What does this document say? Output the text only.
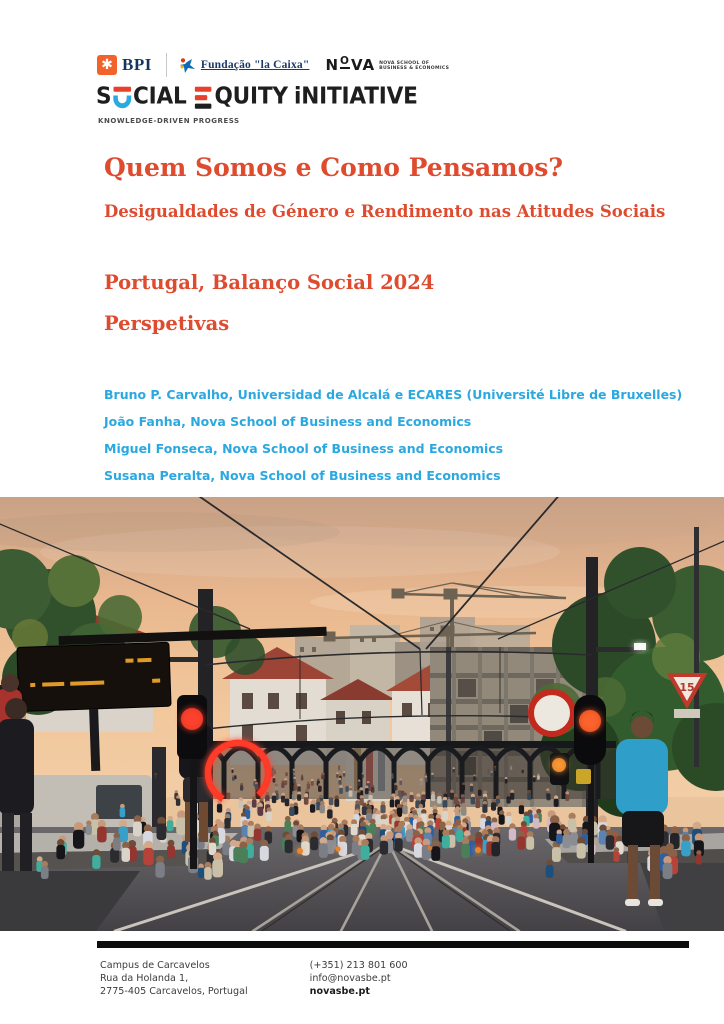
✱ BPI	Fundação "la Caixa" N O VA NOVA SCHOOL OF
BUSINESS & ECONOMICS
S CIAL QUITY iNITIATIVE
KNOWLEDGE-DRIVEN PROGRESS
Quem Somos e Como Pensamos?
Desigualdades de Género e Rendimento nas Atitudes Sociais
Portugal, Balanço Social 2024
Perspetivas
Bruno P. Carvalho, Universidad de Alcalá e ECARES (Université Libre de Bruxelles)
João Fanha, Nova School of Business and Economics
Miguel Fonseca, Nova School of Business and Economics
Susana Peralta, Nova School of Business and Economics
15
Campus de Carcavelos
Rua da Holanda 1,
2775-405 Carcavelos, Portugal
(+351) 213 801 600
info@novasbe.pt
novasbe.pt
